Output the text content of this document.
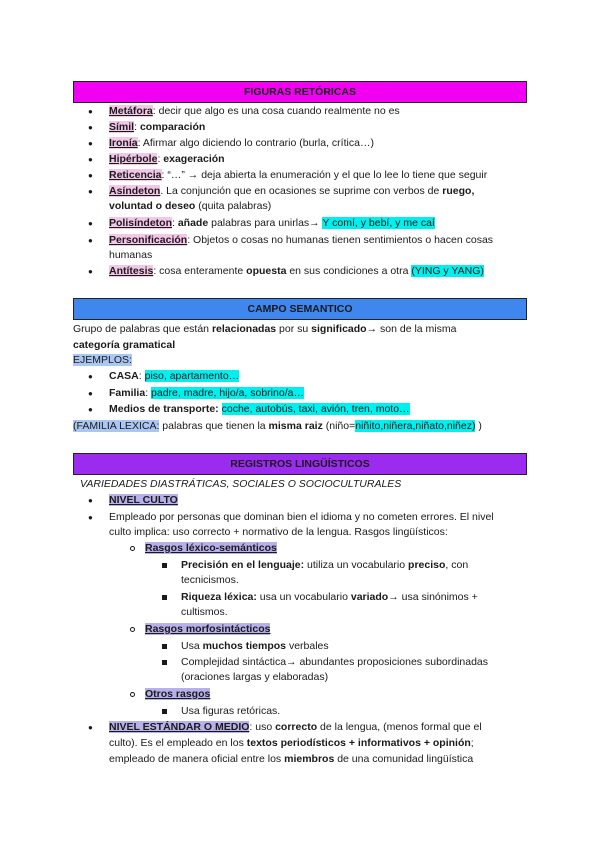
FIGURAS RETÓRICAS
● Metáfora: decir que algo es una cosa cuando realmente no es
● Símil: comparación
● Ironía: Afirmar algo diciendo lo contrario (burla, crítica…)
● Hipérbole: exageración
● Reticencia: “…” → deja abierta la enumeración y el que lo lee lo tiene que seguir
● Asíndeton. La conjunción que en ocasiones se suprime con verbos de ruego,
voluntad o deseo (quita palabras)
● Polisíndeton: añade palabras para unirlas→ Y comí, y bebí, y me caí
● Personificación: Objetos o cosas no humanas tienen sentimientos o hacen cosas
humanas
● Antítesis: cosa enteramente opuesta en sus condiciones a otra (YING y YANG)
CAMPO SEMANTICO
Grupo de palabras que están relacionadas por su significado→ son de la misma
categoría gramatical
EJEMPLOS:
● CASA: piso, apartamento…
● Familia: padre, madre, hijo/a, sobrino/a…
● Medios de transporte: coche, autobús, taxi, avión, tren, moto…
(FAMILIA LEXICA: palabras que tienen la misma raiz (niño=niñito,niñera,niñato,niñez) )
REGISTROS LINGÜÍSTICOS
VARIEDADES DIASTRÁTICAS, SOCIALES O SOCIOCULTURALES
● NIVEL CULTO
● Empleado por personas que dominan bien el idioma y no cometen errores. El nivel
culto implica: uso correcto + normativo de la lengua. Rasgos lingüísticos:
Rasgos léxico-semánticos
Precisión en el lenguaje: utiliza un vocabulario preciso, con
tecnicismos.
Riqueza léxica: usa un vocabulario variado→ usa sinónimos +
cultismos.
Rasgos morfosintácticos
Usa muchos tiempos verbales
Complejidad sintáctica→ abundantes proposiciones subordinadas
(oraciones largas y elaboradas)
Otros rasgos
Usa figuras retóricas.
● NIVEL ESTÁNDAR O MEDIO: uso correcto de la lengua, (menos formal que el
culto). Es el empleado en los textos periodísticos + informativos + opinión;
empleado de manera oficial entre los miembros de una comunidad lingüística
